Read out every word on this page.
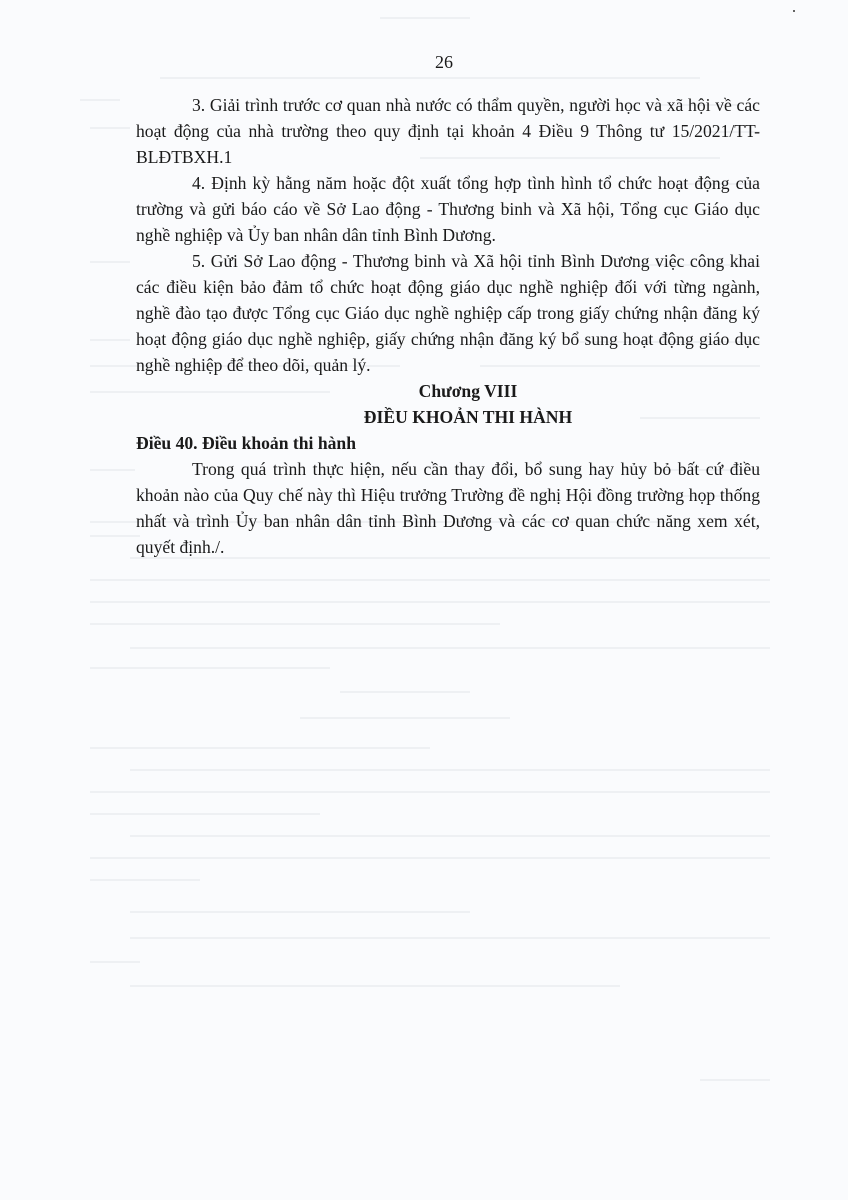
26

3. Giải trình trước cơ quan nhà nước có thẩm quyền, người học và xã hội về các hoạt động của nhà trường theo quy định tại khoản 4 Điều 9 Thông tư 15/2021/TT-BLĐTBXH.1

4. Định kỳ hằng năm hoặc đột xuất tổng hợp tình hình tổ chức hoạt động của trường và gửi báo cáo về Sở Lao động - Thương binh và Xã hội, Tổng cục Giáo dục nghề nghiệp và Ủy ban nhân dân tỉnh Bình Dương.

5. Gửi Sở Lao động - Thương binh và Xã hội tỉnh Bình Dương việc công khai các điều kiện bảo đảm tổ chức hoạt động giáo dục nghề nghiệp đối với từng ngành, nghề đào tạo được Tổng cục Giáo dục nghề nghiệp cấp trong giấy chứng nhận đăng ký hoạt động giáo dục nghề nghiệp, giấy chứng nhận đăng ký bổ sung hoạt động giáo dục nghề nghiệp để theo dõi, quản lý.

Chương VIII

ĐIỀU KHOẢN THI HÀNH

Điều 40. Điều khoản thi hành

Trong quá trình thực hiện, nếu cần thay đổi, bổ sung hay hủy bỏ bất cứ điều khoản nào của Quy chế này thì Hiệu trưởng Trường đề nghị Hội đồng trường họp thống nhất và trình Ủy ban nhân dân tỉnh Bình Dương và các cơ quan chức năng xem xét, quyết định./.
